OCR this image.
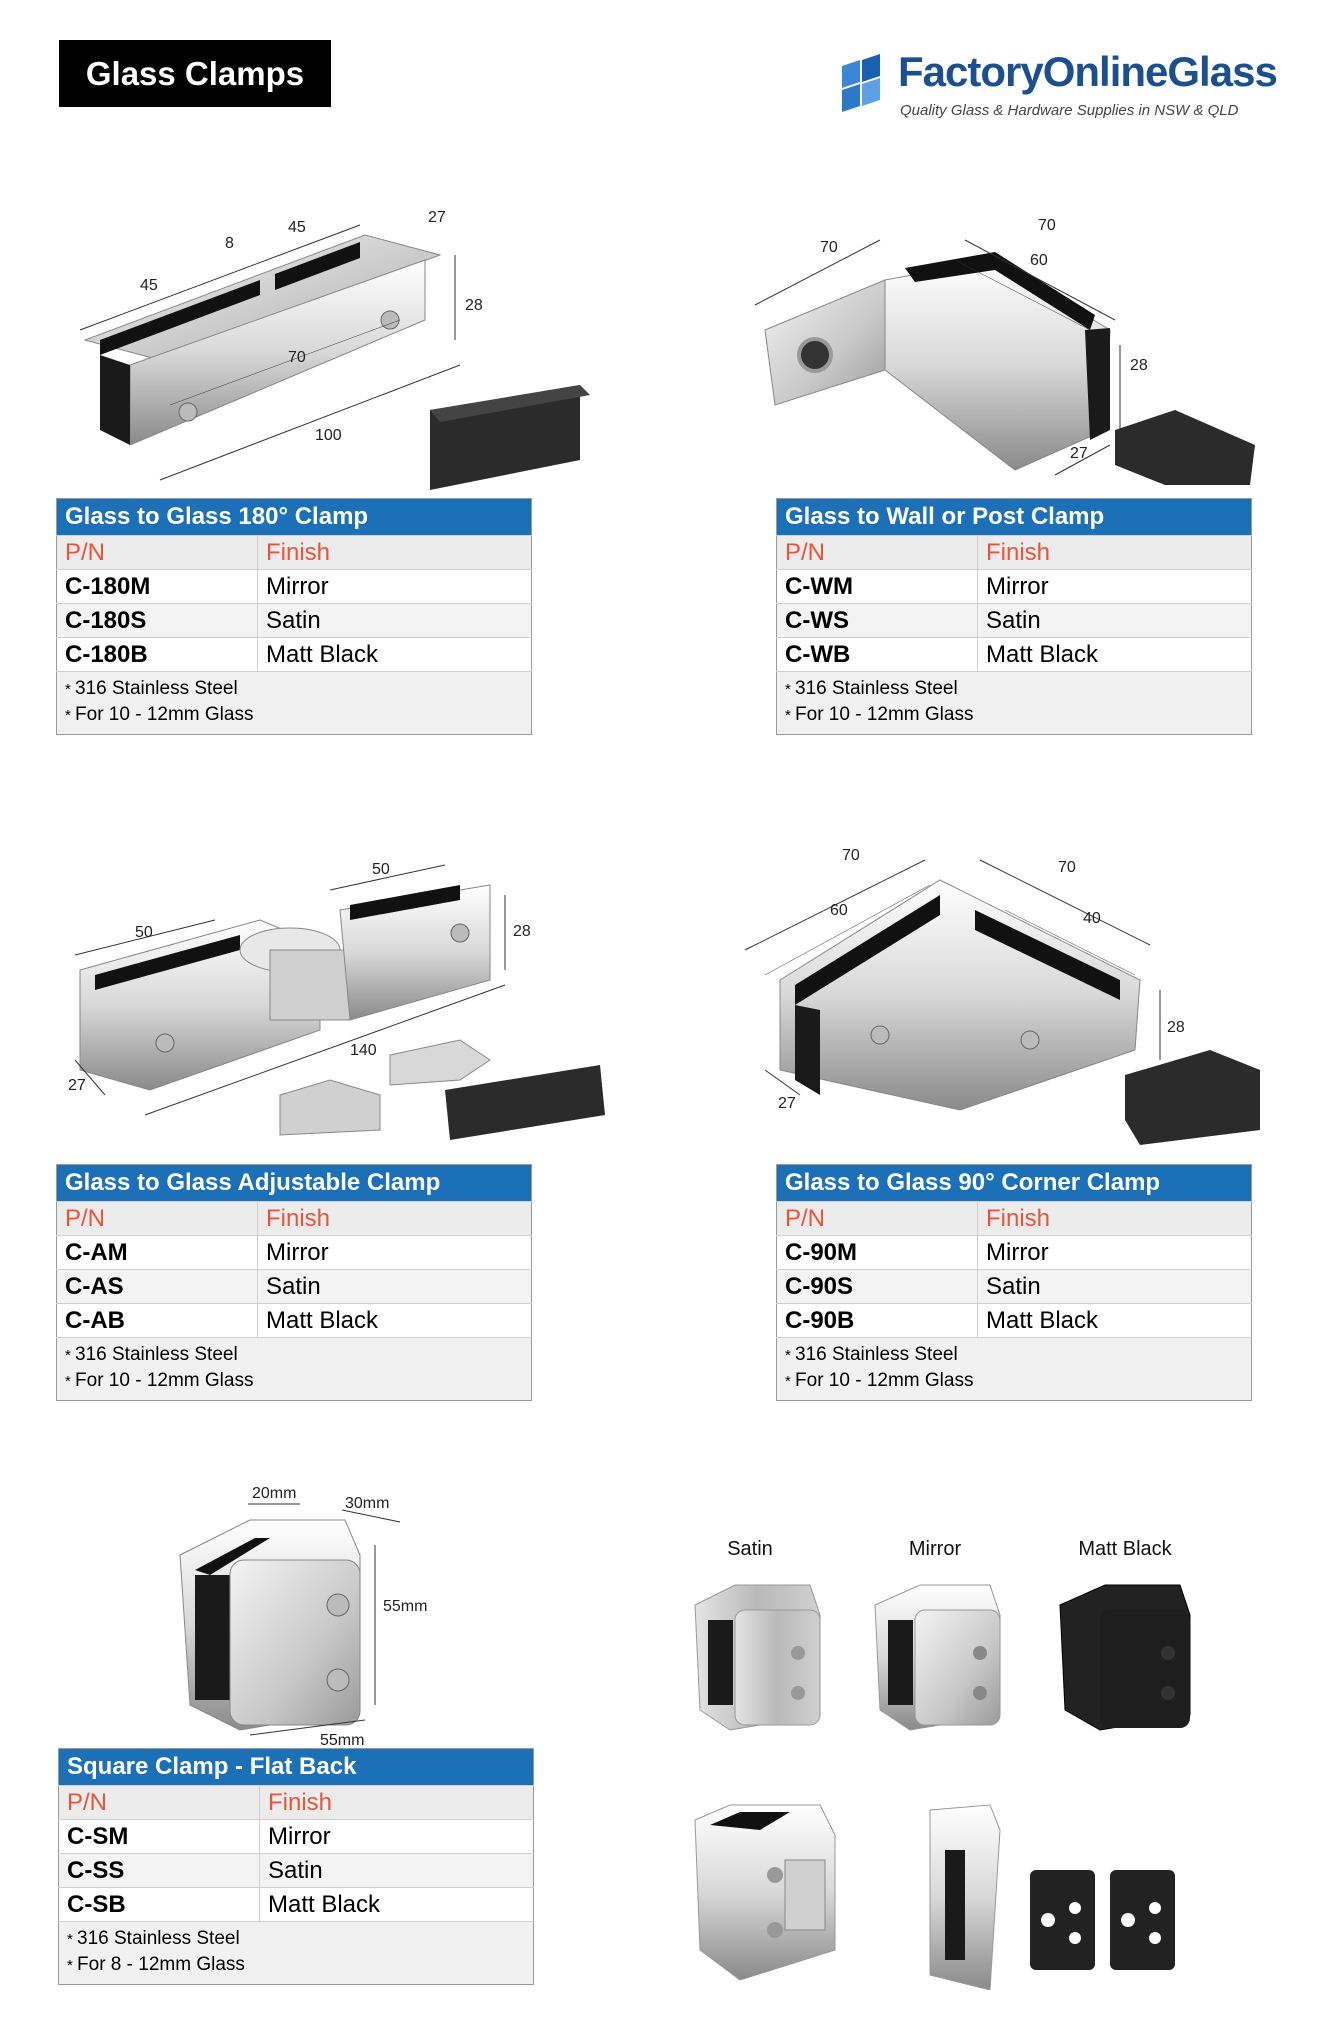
Glass Clamps	FactoryOnlineGlass
Quality Glass & Hardware Supplies in NSW & QLD
45
8
45
27
28
70
100
Glass to Glass 180° Clamp	
P/N	Finish
C-180M	Mirror
C-180S	Satin
C-180B	Matt Black

* 316 Stainless Steel
* For 10 - 12mm Glass
70
70
60
28
27
Glass to Wall or Post Clamp	
P/N	Finish
C-WM	Mirror
C-WS	Satin
C-WB	Matt Black

* 316 Stainless Steel
* For 10 - 12mm Glass
50
50
28
140
27
Glass to Glass Adjustable Clamp	
P/N	Finish
C-AM	Mirror
C-AS	Satin
C-AB	Matt Black

* 316 Stainless Steel
* For 10 - 12mm Glass
70
70
60	40
28
27
Glass to Glass 90° Corner Clamp	
P/N	Finish
C-90M	Mirror
C-90S	Satin
C-90B	Matt Black

* 316 Stainless Steel
* For 10 - 12mm Glass
20mm
30mm
55mm
55mm
Square Clamp - Flat Back	
P/N	Finish
C-SM	Mirror
C-SS	Satin
C-SB	Matt Black

* 316 Stainless Steel
* For 8 - 12mm Glass
Satin	Mirror	Matt Black
